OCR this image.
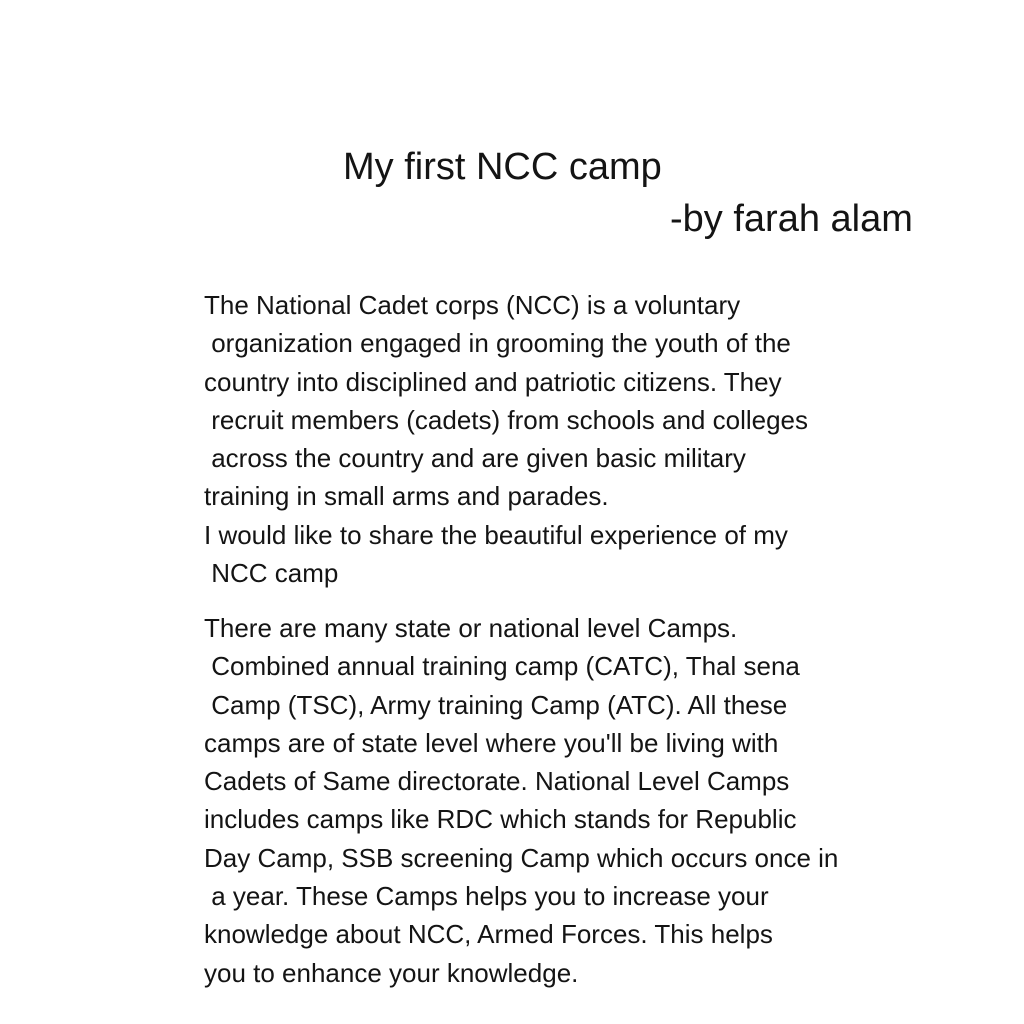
My first NCC camp
-by farah alam

The National Cadet corps (NCC) is a voluntary
organization engaged in grooming the youth of the
country into disciplined and patriotic citizens. They
recruit members (cadets) from schools and colleges
across the country and are given basic military
training in small arms and parades.
I would like to share the beautiful experience of my
NCC camp

There are many state or national level Camps.
Combined annual training camp (CATC), Thal sena
Camp (TSC), Army training Camp (ATC). All these
camps are of state level where you'll be living with
Cadets of Same directorate. National Level Camps
includes camps like RDC which stands for Republic
Day Camp, SSB screening Camp which occurs once in
a year. These Camps helps you to increase your
knowledge about NCC, Armed Forces. This helps
you to enhance your knowledge.
